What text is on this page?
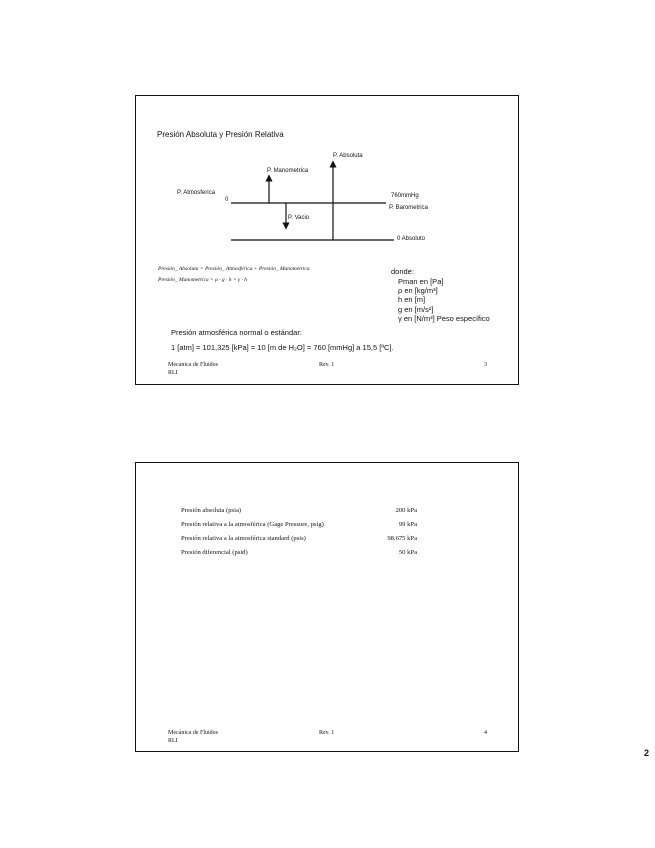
Presión Absoluta y Presión Relativa
P. Absoluta
P. Manometrica
P. Atmosferica
0
760mmHg
P. Barometrica
P. Vacio
0 Absoluto
Presión_ Absoluta = Presión_ Atmosférica + Presión_ Manometrica
Presión_ Manometrica = ρ · g · h = γ · h
donde:
Pman en [Pa]
ρ en [kg/m³]
h en [m]
g en [m/s²]
γ en [N/m³] Peso específico
Presión atmosférica normal o estándar:
1 [atm] = 101,325 [kPa] = 10 [m de H₂O] = 760 [mmHg] a 15,5 [ºC].
Mecanica de Fluidos
RLI
Rev. 1	3
Presión absoluta (psia)	200 kPa
Presión relativa a la atmosférica (Gage Pressure, psig)	99 kPa
Presión relativa a la atmosférica standard (psis)	98.675 kPa
Presión diferencial (psid)	50 kPa
Mecánica de Fluidos
RLI
Rev. 1	4
2
